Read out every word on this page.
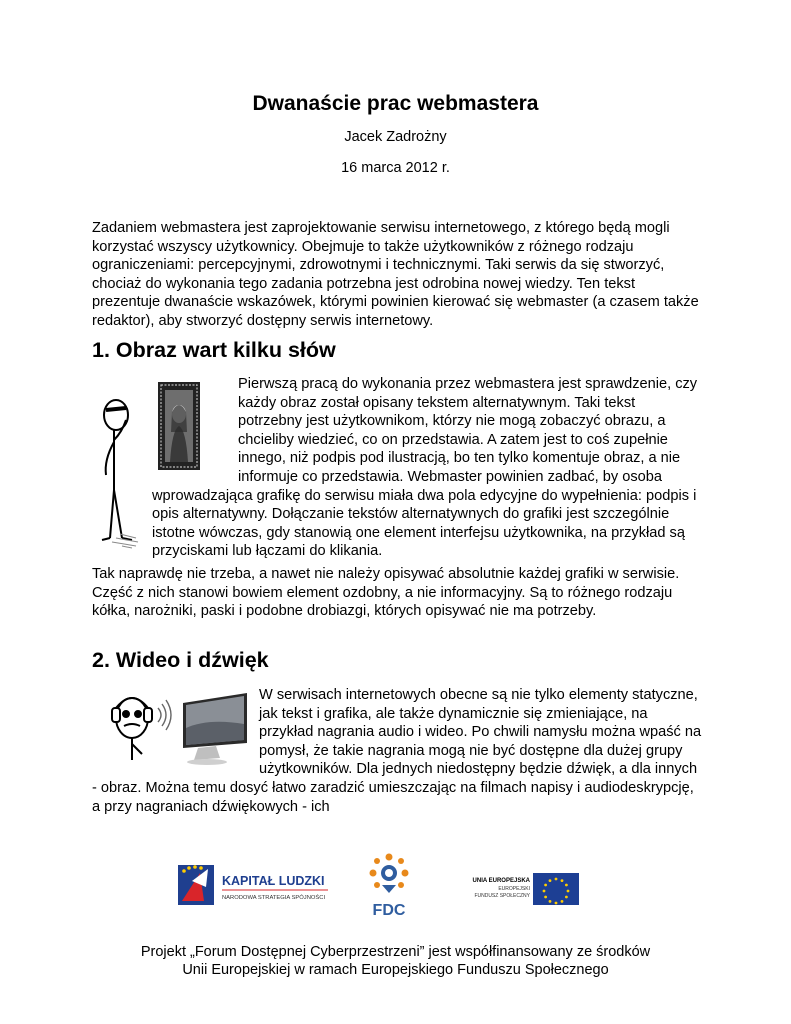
Dwanaście prac webmastera
Jacek Zadrożny
16 marca 2012 r.

Zadaniem webmastera jest zaprojektowanie serwisu internetowego, z którego będą mogli korzystać wszyscy użytkownicy. Obejmuje to także użytkowników z różnego rodzaju ograniczeniami: percepcyjnymi, zdrowotnymi i technicznymi. Taki serwis da się stworzyć, chociaż do wykonania tego zadania potrzebna jest odrobina nowej wiedzy. Ten tekst prezentuje dwanaście wskazówek, którymi powinien kierować się webmaster (a czasem także redaktor), aby stworzyć dostępny serwis internetowy.

1. Obraz wart kilku słów
Pierwszą pracą do wykonania przez webmastera jest sprawdzenie, czy każdy obraz został opisany tekstem alternatywnym. Taki tekst potrzebny jest użytkownikom, którzy nie mogą zobaczyć obrazu, a chcieliby wiedzieć, co on przedstawia. A zatem jest to coś zupełnie innego, niż podpis pod ilustracją, bo ten tylko komentuje obraz, a nie informuje co przedstawia. Webmaster powinien zadbać, by osoba wprowadzająca grafikę do serwisu miała dwa pola edycyjne do wypełnienia: podpis i opis alternatywny. Dołączanie tekstów alternatywnych do grafiki jest szczególnie istotne wówczas, gdy stanowią one element interfejsu użytkownika, na przykład są przyciskami lub łączami do klikania.

Tak naprawdę nie trzeba, a nawet nie należy opisywać absolutnie każdej grafiki w serwisie. Część z nich stanowi bowiem element ozdobny, a nie informacyjny. Są to różnego rodzaju kółka, narożniki, paski i podobne drobiazgi, których opisywać nie ma potrzeby.

2. Wideo i dźwięk
W serwisach internetowych obecne są nie tylko elementy statyczne, jak tekst i grafika, ale także dynamicznie się zmieniające, na przykład nagrania audio i wideo. Po chwili namysłu można wpaść na pomysł, że takie nagrania mogą nie być dostępne dla dużej grupy użytkowników. Dla jednych niedostępny będzie dźwięk, a dla innych - obraz. Można temu dosyć łatwo zaradzić umieszczając na filmach napisy i audiodeskrypcję, a przy nagraniach dźwiękowych - ich
KAPITAŁ LUDZKI
NARODOWA STRATEGIA SPÓJNOŚCI
FDC
UNIA EUROPEJSKA
EUROPEJSKI
FUNDUSZ SPOŁECZNY
Projekt „Forum Dostępnej Cyberprzestrzeni” jest współfinansowany ze środków
Unii Europejskiej w ramach Europejskiego Funduszu Społecznego
